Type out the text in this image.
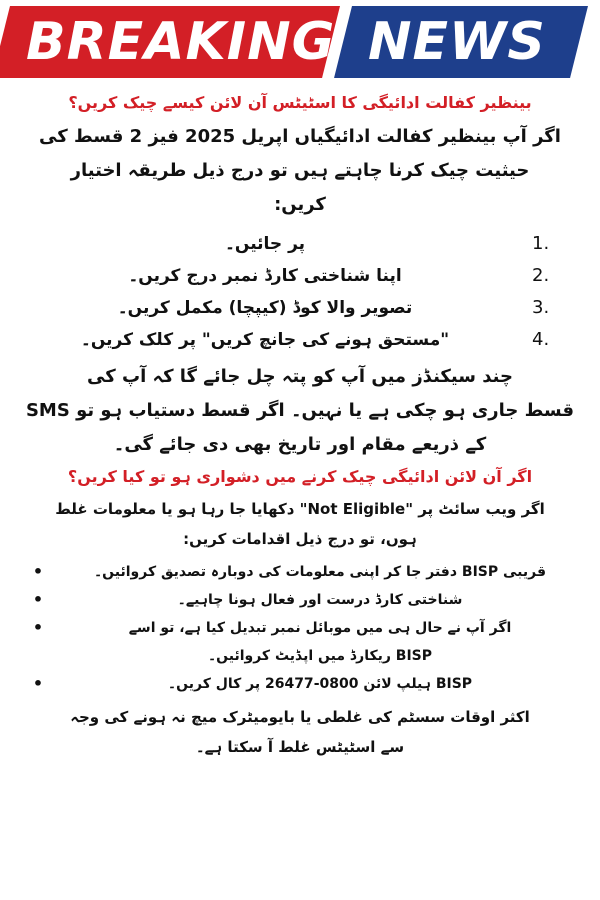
BREAKING NEWS
بینظیر کفالت ادائیگی کا اسٹیٹس آن لائن کیسے چیک کریں؟

اگر آپ بینظیر کفالت ادائیگیاں اپریل 2025 فیز 2 قسط کی
حیثیت چیک کرنا چاہتے ہیں تو درج ذیل طریقہ اختیار
کریں:

پر جائیں۔	1.
اپنا شناختی کارڈ نمبر درج کریں۔	2.
تصویر والا کوڈ (کیپچا) مکمل کریں۔	3.
"مستحق ہونے کی جانچ کریں" پر کلک کریں۔	4.

چند سیکنڈز میں آپ کو پتہ چل جائے گا کہ آپ کی
قسط جاری ہو چکی ہے یا نہیں۔ اگر قسط دستیاب ہو تو SMS
کے ذریعے مقام اور تاریخ بھی دی جائے گی۔

اگر آن لائن ادائیگی چیک کرنے میں دشواری ہو تو کیا کریں؟

اگر ویب سائٹ پر "Not Eligible" دکھایا جا رہا ہو یا معلومات غلط
ہوں، تو درج ذیل اقدامات کریں:

•	قریبی BISP دفتر جا کر اپنی معلومات کی دوبارہ تصدیق کروائیں۔
•	شناختی کارڈ درست اور فعال ہونا چاہیے۔
•	اگر آپ نے حال ہی میں موبائل نمبر تبدیل کیا ہے، تو اسے
BISP ریکارڈ میں اپڈیٹ کروائیں۔
•	BISP ہیلپ لائن 0800-26477 پر کال کریں۔

اکثر اوقات سسٹم کی غلطی یا بایومیٹرک میچ نہ ہونے کی وجہ
سے اسٹیٹس غلط آ سکتا ہے۔
